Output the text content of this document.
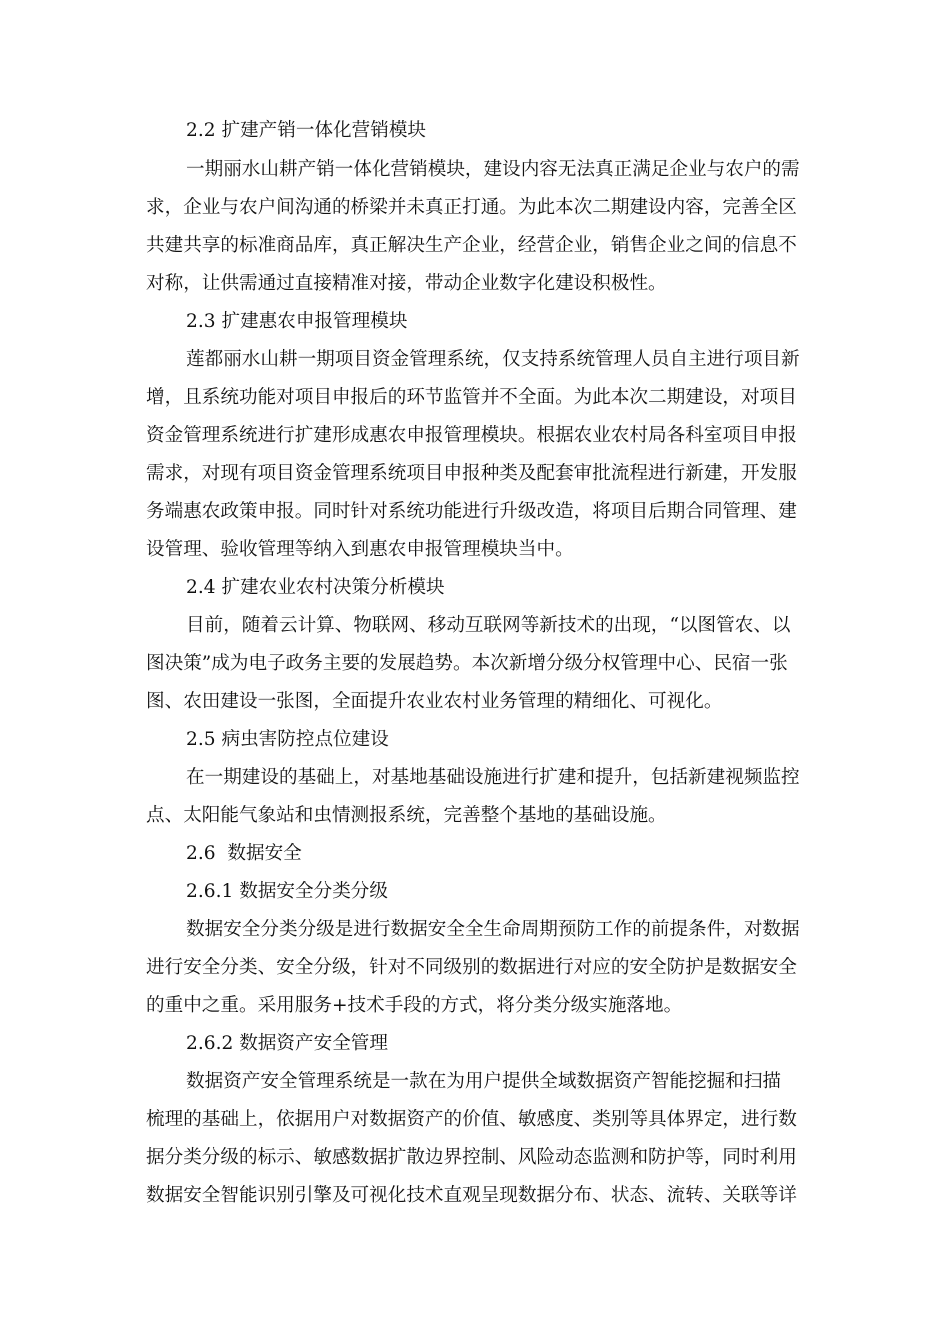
2.2 扩建产销一体化营销模块
一期丽水山耕产销一体化营销模块，建设内容无法真正满足企业与农户的需
求，企业与农户间沟通的桥梁并未真正打通。为此本次二期建设内容，完善全区
共建共享的标准商品库，真正解决生产企业，经营企业，销售企业之间的信息不
对称，让供需通过直接精准对接，带动企业数字化建设积极性。
2.3 扩建惠农申报管理模块
莲都丽水山耕一期项目资金管理系统，仅支持系统管理人员自主进行项目新
增，且系统功能对项目申报后的环节监管并不全面。为此本次二期建设，对项目
资金管理系统进行扩建形成惠农申报管理模块。根据农业农村局各科室项目申报
需求，对现有项目资金管理系统项目申报种类及配套审批流程进行新建，开发服
务端惠农政策申报。同时针对系统功能进行升级改造，将项目后期合同管理、建
设管理、验收管理等纳入到惠农申报管理模块当中。
2.4 扩建农业农村决策分析模块
目前，随着云计算、物联网、移动互联网等新技术的出现，“以图管农、以
图决策”成为电子政务主要的发展趋势。本次新增分级分权管理中心、民宿一张
图、农田建设一张图，全面提升农业农村业务管理的精细化、可视化。
2.5 病虫害防控点位建设
在一期建设的基础上，对基地基础设施进行扩建和提升，包括新建视频监控
点、太阳能气象站和虫情测报系统，完善整个基地的基础设施。
2.6  数据安全
2.6.1 数据安全分类分级
数据安全分类分级是进行数据安全全生命周期预防工作的前提条件，对数据
进行安全分类、安全分级，针对不同级别的数据进行对应的安全防护是数据安全
的重中之重。采用服务+技术手段的方式，将分类分级实施落地。
2.6.2 数据资产安全管理
数据资产安全管理系统是一款在为用户提供全域数据资产智能挖掘和扫描
梳理的基础上，依据用户对数据资产的价值、敏感度、类别等具体界定，进行数
据分类分级的标示、敏感数据扩散边界控制、风险动态监测和防护等，同时利用
数据安全智能识别引擎及可视化技术直观呈现数据分布、状态、流转、关联等详
